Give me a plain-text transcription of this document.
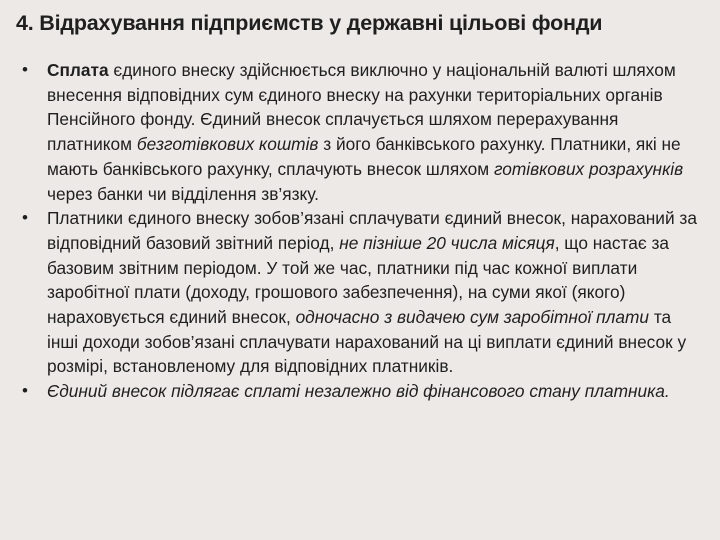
4. Відрахування підприємств у державні цільові фонди
• Сплата єдиного внеску здійснюється виключно у національній валюті шляхом внесення відповідних сум єдиного внеску на рахунки територіальних органів Пенсійного фонду. Єдиний внесок сплачується шляхом перерахування платником безготівкових коштів з його банківського рахунку. Платники, які не мають банківського рахунку, сплачують внесок шляхом готівкових розрахунків через банки чи відділення зв’язку.
• Платники єдиного внеску зобов’язані сплачувати єдиний внесок, нарахований за відповідний базовий звітний період, не пізніше 20 числа місяця, що настає за базовим звітним періодом. У той же час, платники під час кожної виплати заробітної плати (доходу, грошового забезпечення), на суми якої (якого) нараховується єдиний внесок, одночасно з видачею сум заробітної плати та інші доходи зобов’язані сплачувати нарахований на ці виплати єдиний внесок у розмірі, встановленому для відповідних платників.
• Єдиний внесок підлягає сплаті незалежно від фінансового стану платника.
